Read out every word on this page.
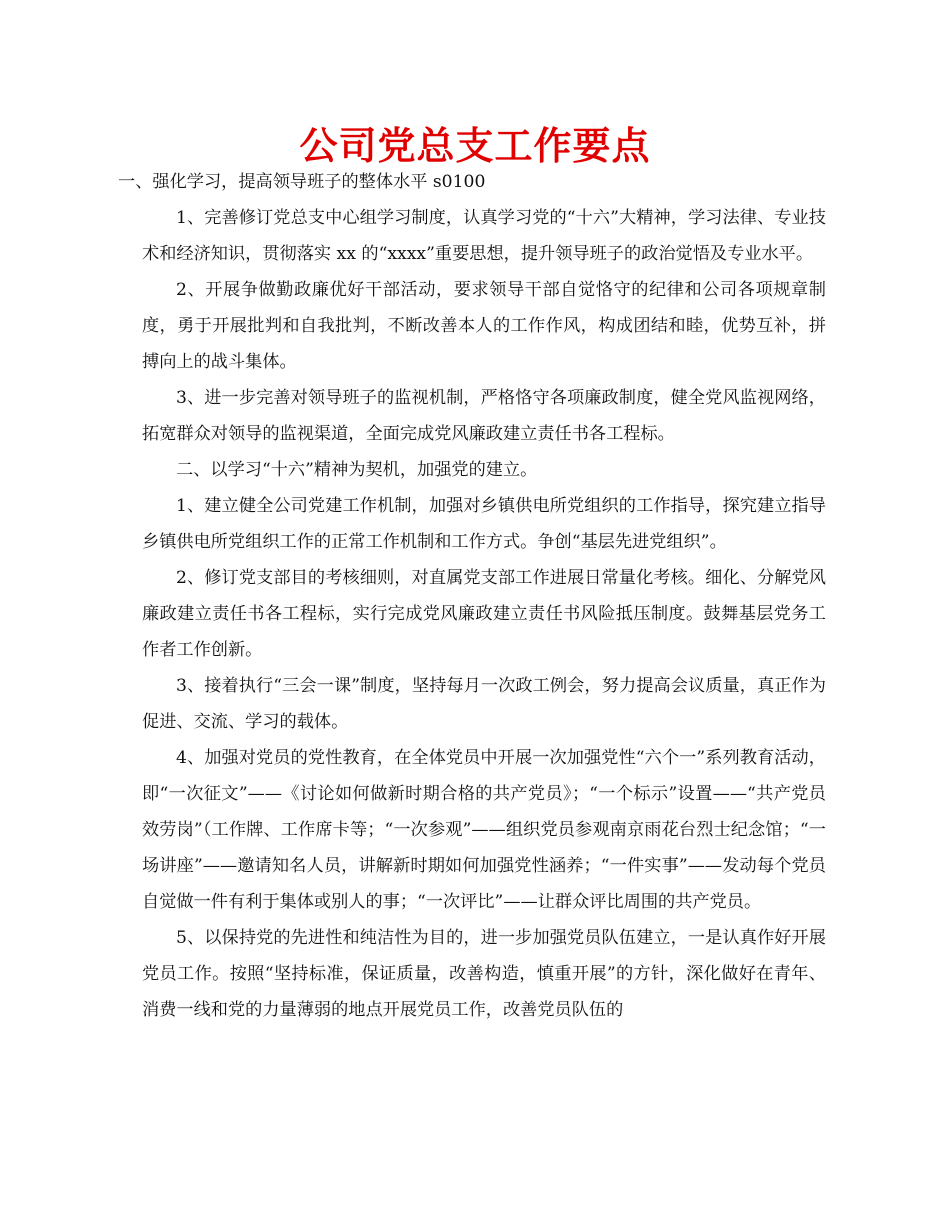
公司党总支工作要点

一、强化学习，提高领导班子的整体水平 s0100

1、完善修订党总支中心组学习制度，认真学习党的“十六”大精神，学习法律、专业技术和经济知识，贯彻落实 xx 的“xxxx”重要思想，提升领导班子的政治觉悟及专业水平。

2、开展争做勤政廉优好干部活动，要求领导干部自觉恪守的纪律和公司各项规章制度，勇于开展批判和自我批判，不断改善本人的工作作风，构成团结和睦，优势互补，拼搏向上的战斗集体。

3、进一步完善对领导班子的监视机制，严格恪守各项廉政制度，健全党风监视网络，拓宽群众对领导的监视渠道，全面完成党风廉政建立责任书各工程标。

二、以学习“十六”精神为契机，加强党的建立。

1、建立健全公司党建工作机制，加强对乡镇供电所党组织的工作指导，探究建立指导乡镇供电所党组织工作的正常工作机制和工作方式。争创“基层先进党组织”。

2、修订党支部目的考核细则，对直属党支部工作进展日常量化考核。细化、分解党风廉政建立责任书各工程标，实行完成党风廉政建立责任书风险抵压制度。鼓舞基层党务工作者工作创新。

3、接着执行“三会一课”制度，坚持每月一次政工例会，努力提高会议质量，真正作为促进、交流、学习的载体。

4、加强对党员的党性教育，在全体党员中开展一次加强党性“六个一”系列教育活动，即“一次征文”——《讨论如何做新时期合格的共产党员》；“一个标示”设置——“共产党员效劳岗”（工作牌、工作席卡等；“一次参观”——组织党员参观南京雨花台烈士纪念馆；“一场讲座”——邀请知名人员，讲解新时期如何加强党性涵养；“一件实事”——发动每个党员自觉做一件有利于集体或别人的事；“一次评比”——让群众评比周围的共产党员。

5、以保持党的先进性和纯洁性为目的，进一步加强党员队伍建立，一是认真作好开展党员工作。按照“坚持标准，保证质量，改善构造，慎重开展”的方针，深化做好在青年、消费一线和党的力量薄弱的地点开展党员工作，改善党员队伍的
